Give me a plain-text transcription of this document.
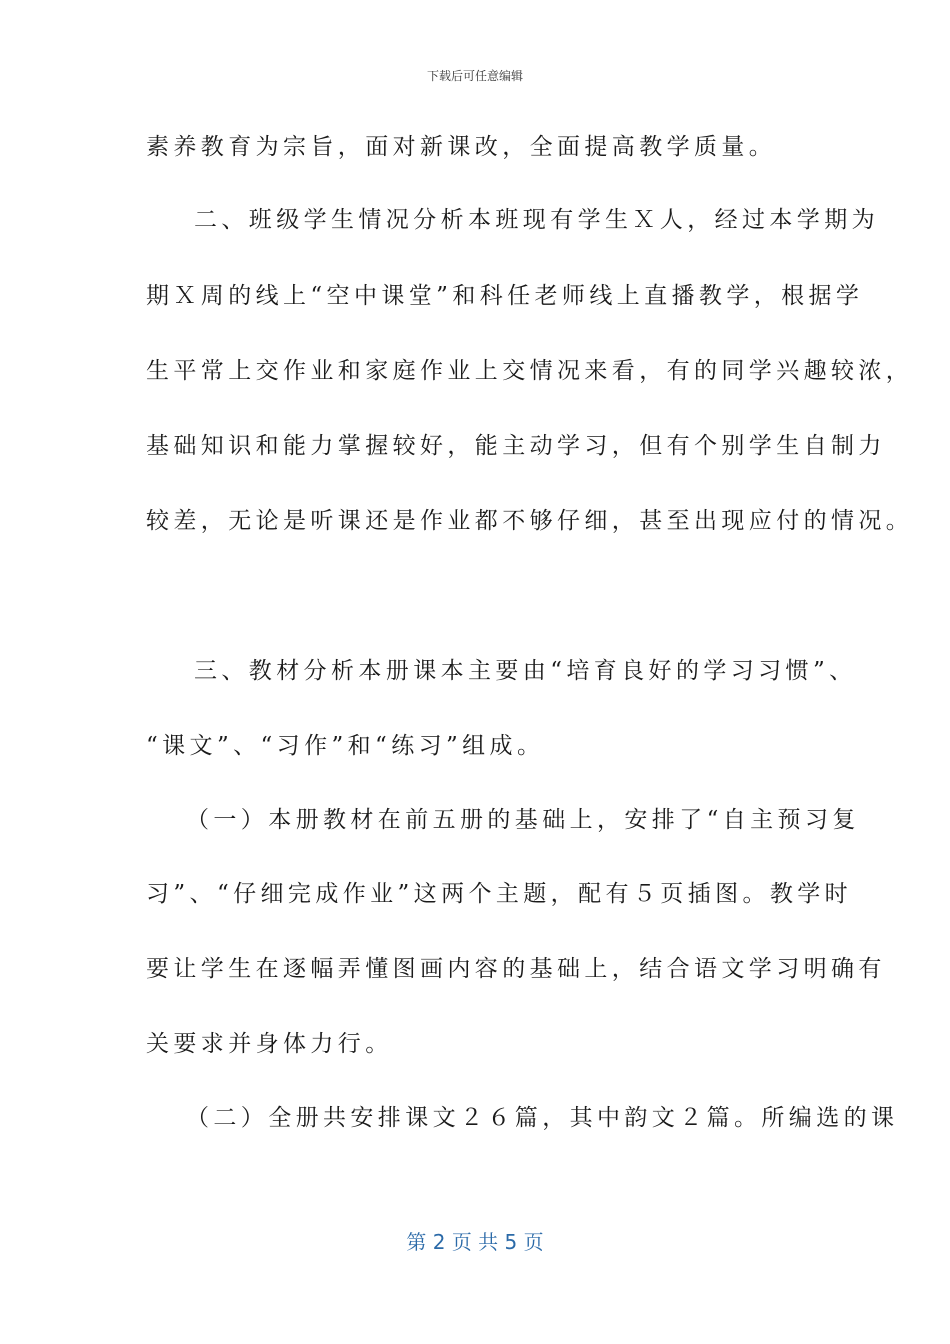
下载后可任意编辑
素养教育为宗旨，面对新课改，全面提高教学质量。
二、班级学生情况分析本班现有学生Ｘ人，经过本学期为
期Ｘ周的线上“空中课堂”和科任老师线上直播教学，根据学
生平常上交作业和家庭作业上交情况来看，有的同学兴趣较浓，
基础知识和能力掌握较好，能主动学习，但有个别学生自制力
较差，无论是听课还是作业都不够仔细，甚至出现应付的情况。
三、教材分析本册课本主要由“培育良好的学习习惯”、
“课文”、“习作”和“练习”组成。
（一）本册教材在前五册的基础上，安排了“自主预习复
习”、“仔细完成作业”这两个主题，配有５页插图。教学时
要让学生在逐幅弄懂图画内容的基础上，结合语文学习明确有
关要求并身体力行。
（二）全册共安排课文２６篇，其中韵文２篇。所编选的课
第 2 页 共 5 页
